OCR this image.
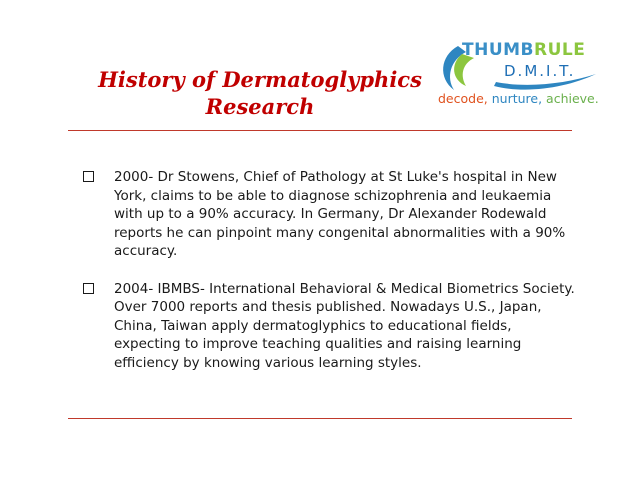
History of Dermatoglyphics
Research
THUMBRULE
D.M.I.T.
decode, nurture, achieve.
2000- Dr Stowens, Chief of Pathology at St Luke's hospital in New York, claims to be able to diagnose schizophrenia and leukaemia with up to a 90% accuracy. In Germany, Dr Alexander Rodewald reports he can pinpoint many congenital abnormalities with a 90% accuracy.
2004- IBMBS- International Behavioral & Medical Biometrics Society. Over 7000 reports and thesis published. Nowadays U.S., Japan, China, Taiwan apply dermatoglyphics to educational fields, expecting to improve teaching qualities and raising learning efficiency by knowing various learning styles.
